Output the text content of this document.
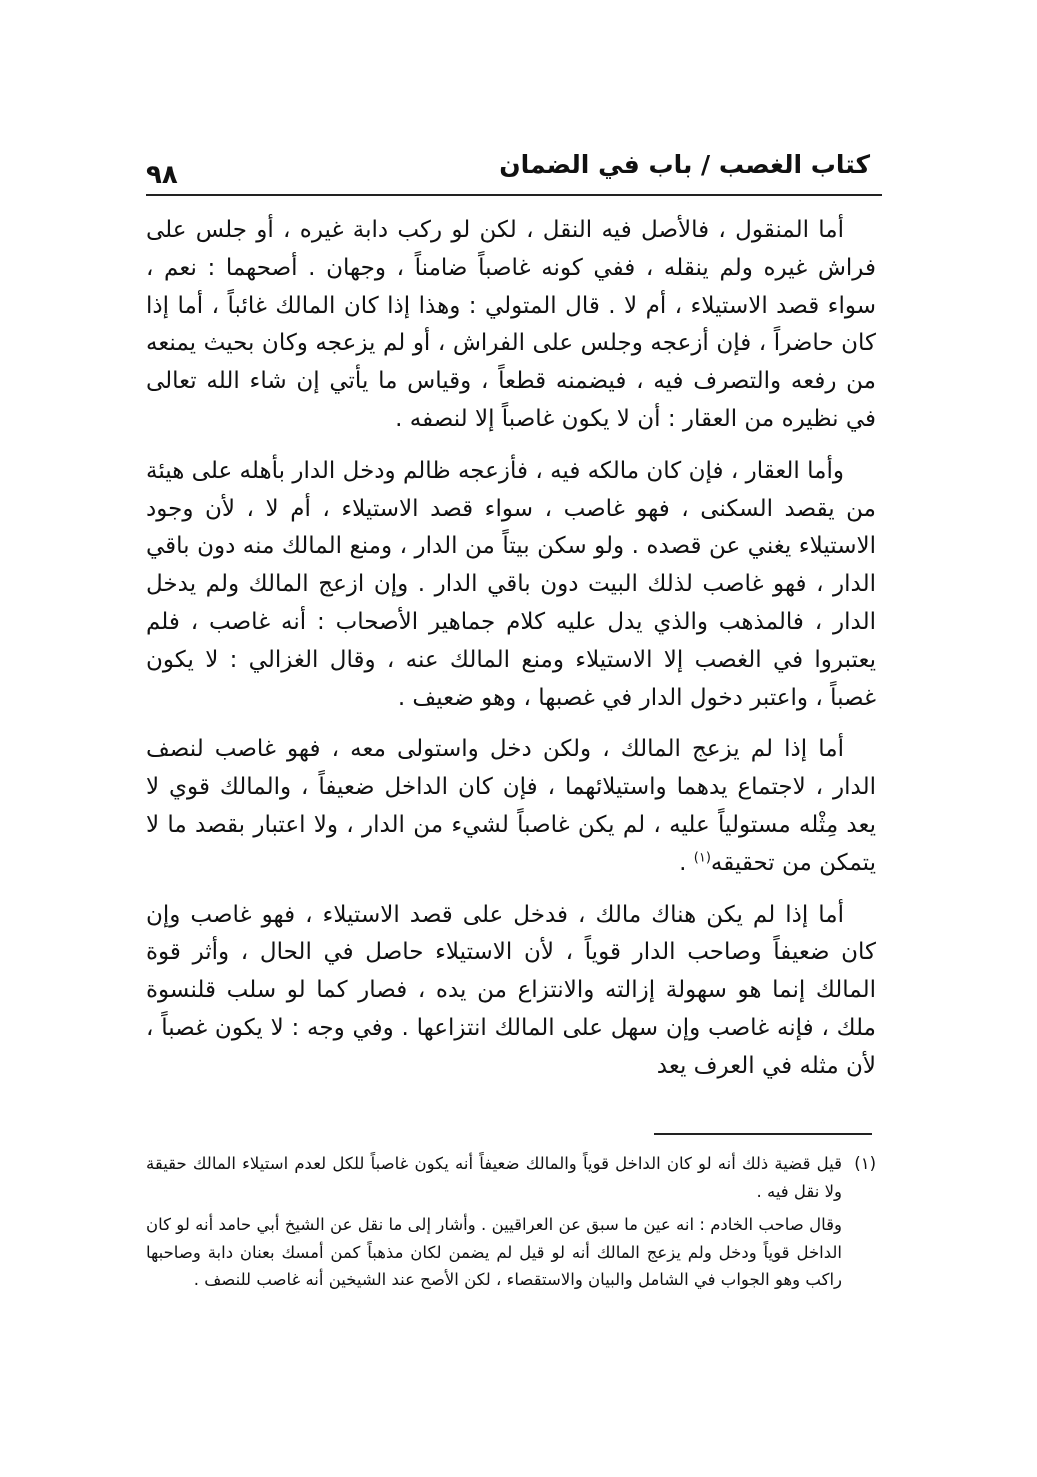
٩٨	كتاب الغصب / باب في الضمان

أما المنقول ، فالأصل فيه النقل ، لكن لو ركب دابة غيره ، أو جلس على فراش غيره ولم ينقله ، ففي كونه غاصباً ضامناً ، وجهان . أصحهما : نعم ، سواء قصد الاستيلاء ، أم لا . قال المتولي : وهذا إذا كان المالك غائباً ، أما إذا كان حاضراً ، فإن أزعجه وجلس على الفراش ، أو لم يزعجه وكان بحيث يمنعه من رفعه والتصرف فيه ، فيضمنه قطعاً ، وقياس ما يأتي إن شاء الله تعالى في نظيره من العقار : أن لا يكون غاصباً إلا لنصفه .

وأما العقار ، فإن كان مالكه فيه ، فأزعجه ظالم ودخل الدار بأهله على هيئة من يقصد السكنى ، فهو غاصب ، سواء قصد الاستيلاء ، أم لا ، لأن وجود الاستيلاء يغني عن قصده . ولو سكن بيتاً من الدار ، ومنع المالك منه دون باقي الدار ، فهو غاصب لذلك البيت دون باقي الدار . وإن ازعج المالك ولم يدخل الدار ، فالمذهب والذي يدل عليه كلام جماهير الأصحاب : أنه غاصب ، فلم يعتبروا في الغصب إلا الاستيلاء ومنع المالك عنه ، وقال الغزالي : لا يكون غصباً ، واعتبر دخول الدار في غصبها ، وهو ضعيف .

أما إذا لم يزعج المالك ، ولكن دخل واستولى معه ، فهو غاصب لنصف الدار ، لاجتماع يدهما واستيلائهما ، فإن كان الداخل ضعيفاً ، والمالك قوي لا يعد مِثْله مستولياً عليه ، لم يكن غاصباً لشيء من الدار ، ولا اعتبار بقصد ما لا يتمكن من تحقيقه$^{(١)}$ .

أما إذا لم يكن هناك مالك ، فدخل على قصد الاستيلاء ، فهو غاصب وإن كان ضعيفاً وصاحب الدار قوياً ، لأن الاستيلاء حاصل في الحال ، وأثر قوة المالك إنما هو سهولة إزالته والانتزاع من يده ، فصار كما لو سلب قلنسوة ملك ، فإنه غاصب وإن سهل على المالك انتزاعها . وفي وجه : لا يكون غصباً ، لأن مثله في العرف يعد

(١)
قيل قضية ذلك أنه لو كان الداخل قوياً والمالك ضعيفاً أنه يكون غاصباً للكل لعدم استيلاء المالك حقيقة ولا نقل فيه .

وقال صاحب الخادم : انه عين ما سبق عن العراقيين . وأشار إلى ما نقل عن الشيخ أبي حامد أنه لو كان الداخل قوياً ودخل ولم يزعج المالك أنه لو قيل لم يضمن لكان مذهباً كمن أمسك بعنان دابة وصاحبها راكب وهو الجواب في الشامل والبيان والاستقصاء ، لكن الأصح عند الشيخين أنه غاصب للنصف .
